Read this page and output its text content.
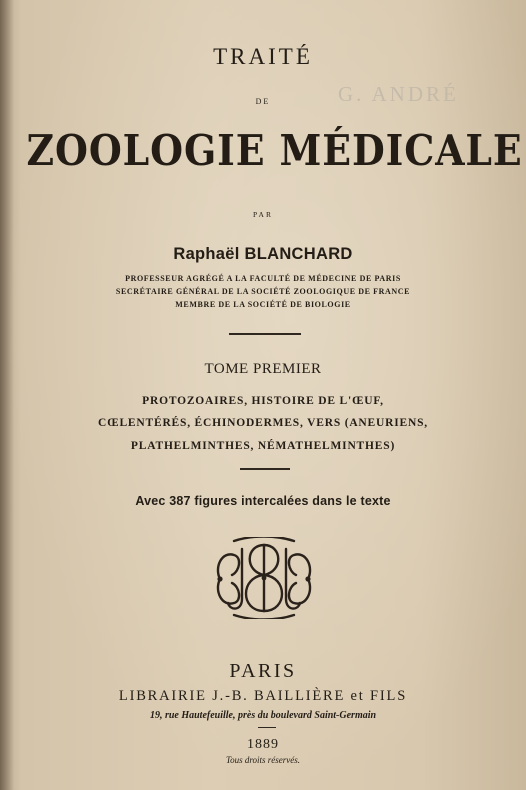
G. ANDRÉ
TRAITÉ
DE
ZOOLOGIE MÉDICALE
PAR
Raphaël BLANCHARD
PROFESSEUR AGRÉGÉ A LA FACULTÉ DE MÉDECINE DE PARIS
SECRÉTAIRE GÉNÉRAL DE LA SOCIÉTÉ ZOOLOGIQUE DE FRANCE
MEMBRE DE LA SOCIÉTÉ DE BIOLOGIE
TOME PREMIER
PROTOZOAIRES, HISTOIRE DE L'ŒUF,
CŒLENTÉRÉS, ÉCHINODERMES, VERS (ANEURIENS,
PLATHELMINTHES, NÉMATHELMINTHES)
Avec 387 figures intercalées dans le texte
PARIS
LIBRAIRIE J.-B. BAILLIÈRE et FILS
19, rue Hautefeuille, près du boulevard Saint-Germain
1889
Tous droits réservés.
